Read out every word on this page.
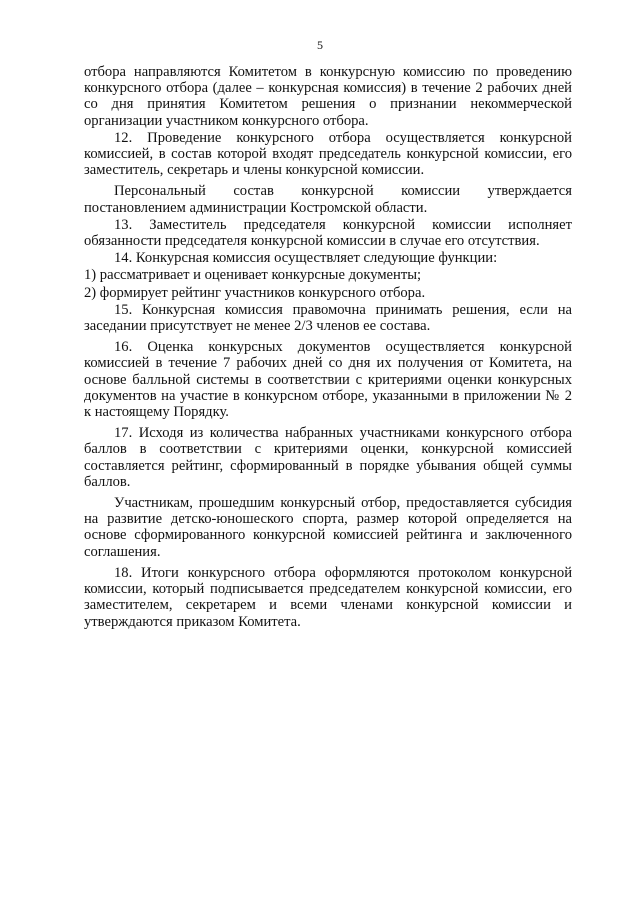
5

отбора направляются Комитетом в конкурсную комиссию по проведению конкурсного отбора (далее – конкурсная комиссия) в течение 2 рабочих дней со дня принятия Комитетом решения о признании некоммерческой организации участником конкурсного отбора.

12. Проведение конкурсного отбора осуществляется конкурсной комиссией, в состав которой входят председатель конкурсной комиссии, его заместитель, секретарь и члены конкурсной комиссии.

Персональный состав конкурсной комиссии утверждается постановлением администрации Костромской области.

13. Заместитель председателя конкурсной комиссии исполняет обязанности председателя конкурсной комиссии в случае его отсутствия.

14. Конкурсная комиссия осуществляет следующие функции:

1) рассматривает и оценивает конкурсные документы;

2) формирует рейтинг участников конкурсного отбора.

15. Конкурсная комиссия правомочна принимать решения, если на заседании присутствует не менее 2/3 членов ее состава.

16. Оценка конкурсных документов осуществляется конкурсной комиссией в течение 7 рабочих дней со дня их получения от Комитета, на основе балльной системы в соответствии с критериями оценки конкурсных документов на участие в конкурсном отборе, указанными в приложении № 2 к настоящему Порядку.

17. Исходя из количества набранных участниками конкурсного отбора баллов в соответствии с критериями оценки, конкурсной комиссией составляется рейтинг, сформированный в порядке убывания общей суммы баллов.

Участникам, прошедшим конкурсный отбор, предоставляется субсидия на развитие детско-юношеского спорта, размер которой определяется на основе сформированного конкурсной комиссией рейтинга и заключенного соглашения.

18. Итоги конкурсного отбора оформляются протоколом конкурсной комиссии, который подписывается председателем конкурсной комиссии, его заместителем, секретарем и всеми членами конкурсной комиссии и утверждаются приказом Комитета.
